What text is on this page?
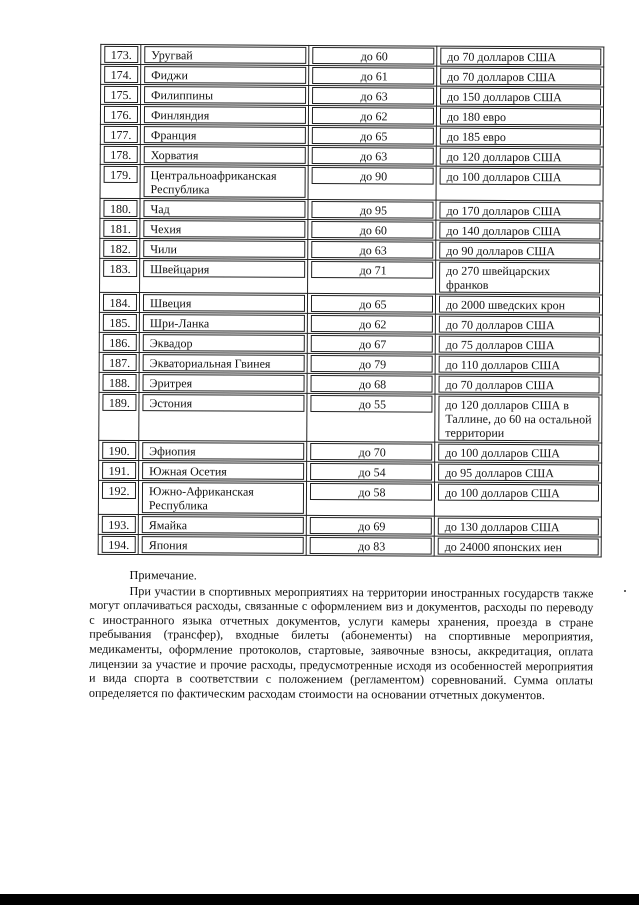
173.	Уругвай	до 60	до 70 долларов США

174.	Фиджи	до 61	до 70 долларов США

175.	Филиппины	до 63	до 150 долларов США

176.	Финляндия	до 62	до 180 евро

177.	Франция	до 65	до 185 евро

178.	Хорватия	до 63	до 120 долларов США

179.	Центральноафриканская Республика	до 90	до 100 долларов США

180.	Чад	до 95	до 170 долларов США

181.	Чехия	до 60	до 140 долларов США

182.	Чили	до 63	до 90 долларов США

183.	Швейцария	до 71	до 270 швейцарских франков

184.	Швеция	до 65	до 2000 шведских крон

185.	Шри-Ланка	до 62	до 70 долларов США

186.	Эквадор	до 67	до 75 долларов США

187.	Экваториальная Гвинея	до 79	до 110 долларов США

188.	Эритрея	до 68	до 70 долларов США

189.	Эстония	до 55	до 120 долларов США в Таллине, до 60 на остальной территории

190.	Эфиопия	до 70	до 100 долларов США

191.	Южная Осетия	до 54	до 95 долларов США

192.	Южно-Африканская Республика	до 58	до 100 долларов США

193.	Ямайка	до 69	до 130 долларов США

194.	Япония	до 83	до 24000 японских иен
Примечание.
При участии в спортивных мероприятиях на территории иностранных государств также могут оплачиваться расходы, связанные с оформлением виз и документов, расходы по переводу с иностранного языка отчетных документов, услуги камеры хранения, проезда в стране пребывания (трансфер), входные билеты (абонементы) на спортивные мероприятия, медикаменты, оформление протоколов, стартовые, заявочные взносы, аккредитация, оплата лицензии за участие и прочие расходы, предусмотренные исходя из особенностей мероприятия и вида спорта в соответствии с положением (регламентом) соревнований. Сумма оплаты определяется по фактическим расходам стоимости на основании отчетных документов.
